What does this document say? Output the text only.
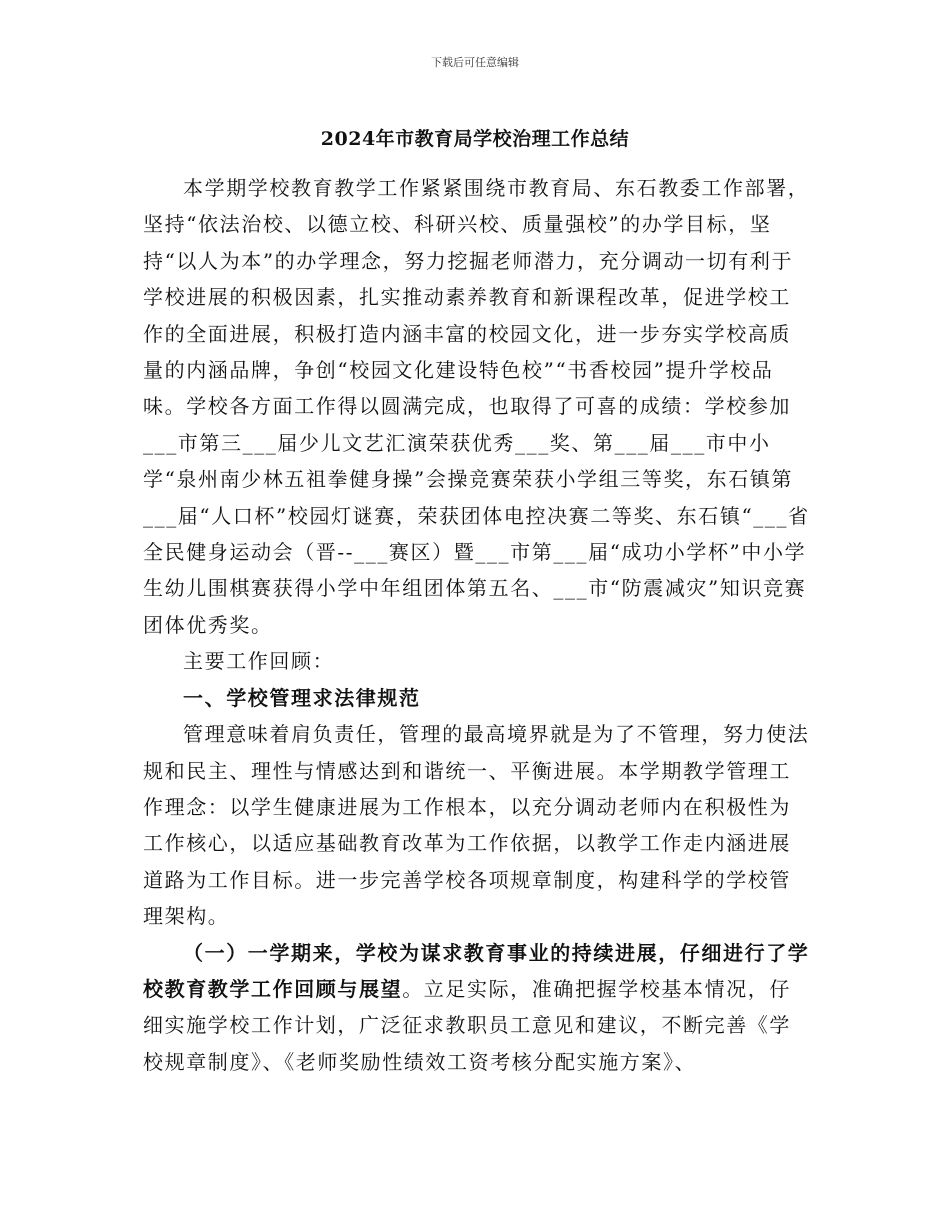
下载后可任意编辑
2024年市教育局学校治理工作总结

本学期学校教育教学工作紧紧围绕市教育局、东石教委工作部署，坚持“依法治校、以德立校、科研兴校、质量强校”的办学目标，坚持“以人为本”的办学理念，努力挖掘老师潜力，充分调动一切有利于学校进展的积极因素，扎实推动素养教育和新课程改革，促进学校工作的全面进展，积极打造内涵丰富的校园文化，进一步夯实学校高质量的内涵品牌，争创“校园文化建设特色校”“书香校园”提升学校品味。学校各方面工作得以圆满完成，也取得了可喜的成绩：学校参加___市第三___届少儿文艺汇演荣获优秀___奖、第___届___市中小学“泉州南少林五祖拳健身操”会操竞赛荣获小学组三等奖，东石镇第___届“人口杯”校园灯谜赛，荣获团体电控决赛二等奖、东石镇“___省全民健身运动会（晋--___赛区）暨___市第___届“成功小学杯”中小学生幼儿围棋赛获得小学中年组团体第五名、___市“防震减灾”知识竞赛团体优秀奖。

主要工作回顾：

一、学校管理求法律规范

管理意味着肩负责任，管理的最高境界就是为了不管理，努力使法规和民主、理性与情感达到和谐统一、平衡进展。本学期教学管理工作理念：以学生健康进展为工作根本，以充分调动老师内在积极性为工作核心，以适应基础教育改革为工作依据，以教学工作走内涵进展道路为工作目标。进一步完善学校各项规章制度，构建科学的学校管理架构。

（一）一学期来，学校为谋求教育事业的持续进展，仔细进行了学校教育教学工作回顾与展望。立足实际，准确把握学校基本情况，仔细实施学校工作计划，广泛征求教职员工意见和建议，不断完善《学校规章制度》、《老师奖励性绩效工资考核分配实施方案》、
